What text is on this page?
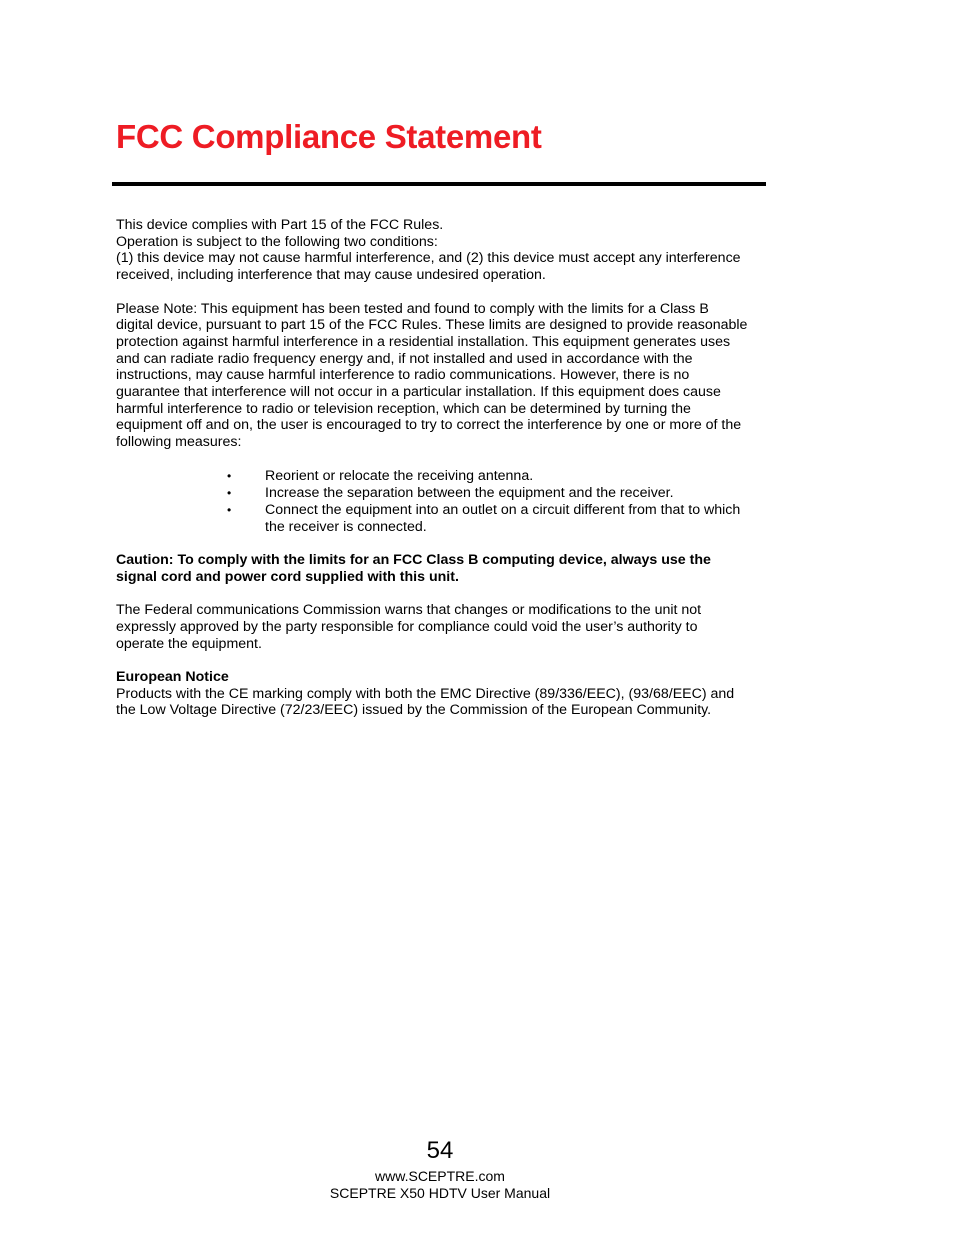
FCC Compliance Statement

This device complies with Part 15 of the FCC Rules.
Operation is subject to the following two conditions:
(1) this device may not cause harmful interference, and (2) this device must accept any interference
received, including interference that may cause undesired operation.

Please Note: This equipment has been tested and found to comply with the limits for a Class B
digital device, pursuant to part 15 of the FCC Rules. These limits are designed to provide reasonable
protection against harmful interference in a residential installation. This equipment generates uses
and can radiate radio frequency energy and, if not installed and used in accordance with the
instructions, may cause harmful interference to radio communications. However, there is no
guarantee that interference will not occur in a particular installation. If this equipment does cause
harmful interference to radio or television reception, which can be determined by turning the
equipment off and on, the user is encouraged to try to correct the interference by one or more of the
following measures:

• Reorient or relocate the receiving antenna.
• Increase the separation between the equipment and the receiver.
• Connect the equipment into an outlet on a circuit different from that to which
the receiver is connected.

Caution: To comply with the limits for an FCC Class B computing device, always use the
signal cord and power cord supplied with this unit.

The Federal communications Commission warns that changes or modifications to the unit not
expressly approved by the party responsible for compliance could void the user’s authority to
operate the equipment.

European Notice
Products with the CE marking comply with both the EMC Directive (89/336/EEC), (93/68/EEC) and
the Low Voltage Directive (72/23/EEC) issued by the Commission of the European Community.

54
www.SCEPTRE.com
SCEPTRE X50 HDTV User Manual
